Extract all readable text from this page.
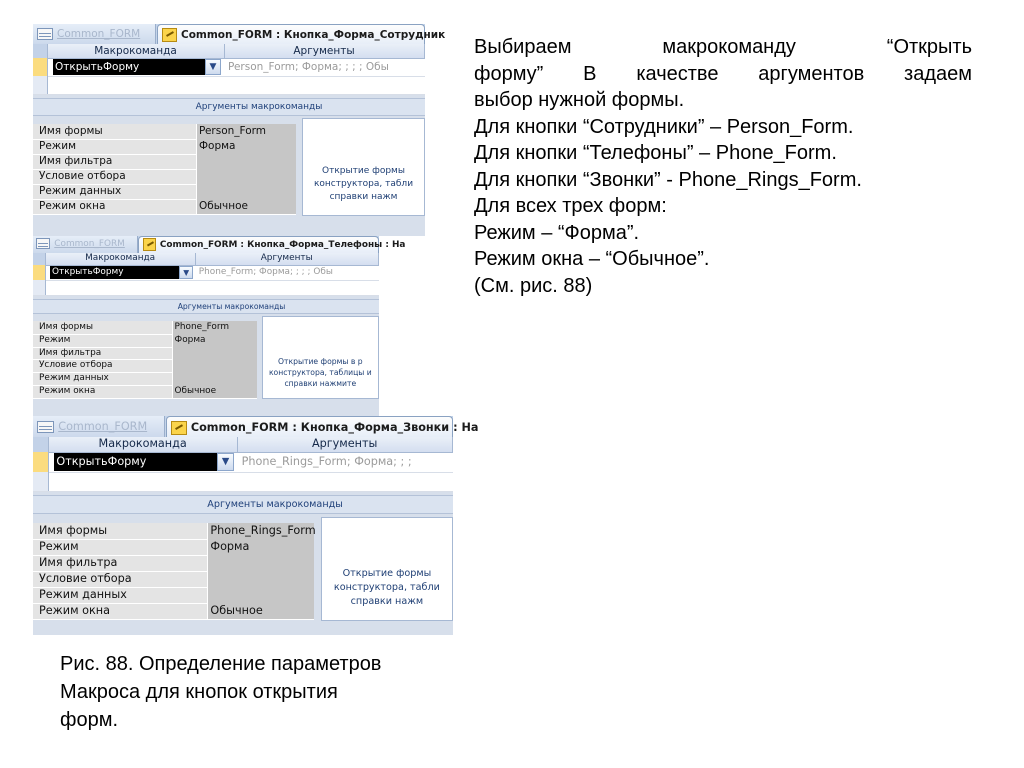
Common_FORM	Common_FORM : Кнопка_Форма_Сотрудник
Макрокоманда	Аргументы
ОткрытьФорму	▼	Person_Form; Форма; ; ; ; Обы
Аргументы макрокоманды
Имя формы	Person_Form
Режим	Форма
Имя фильтра
Условие отбора
Режим данных
Режим окна	Обычное
Открытие формы
конструктора, табли
справки нажм
Common_FORM	Common_FORM : Кнопка_Форма_Телефоны : На
Макрокоманда	Аргументы
ОткрытьФорму	▼	Phone_Form; Форма; ; ; ; Обы
Аргументы макрокоманды
Имя формы	Phone_Form
Режим	Форма
Имя фильтра
Условие отбора
Режим данных
Режим окна	Обычное
Открытие формы в р
конструктора, таблицы и
справки нажмите
Common_FORM	Common_FORM : Кнопка_Форма_Звонки : На
Макрокоманда	Аргументы
ОткрытьФорму	▼	Phone_Rings_Form; Форма; ; ;
Аргументы макрокоманды
Имя формы	Phone_Rings_Form
Режим	Форма
Имя фильтра
Условие отбора
Режим данных
Режим окна	Обычное
Открытие формы
конструктора, табли
справки нажм
Выбираем макрокоманду “Открыть
форму” В качестве аргументов задаем
выбор нужной формы.
Для кнопки “Сотрудники” – Person_Form.
Для кнопки “Телефоны” – Phone_Form.
Для кнопки “Звонки” - Phone_Rings_Form.
Для всех трех форм:
Режим – “Форма”.
Режим окна – “Обычное”.
(См. рис. 88)
Рис. 88. Определение параметров
Макроса для кнопок открытия
форм.
